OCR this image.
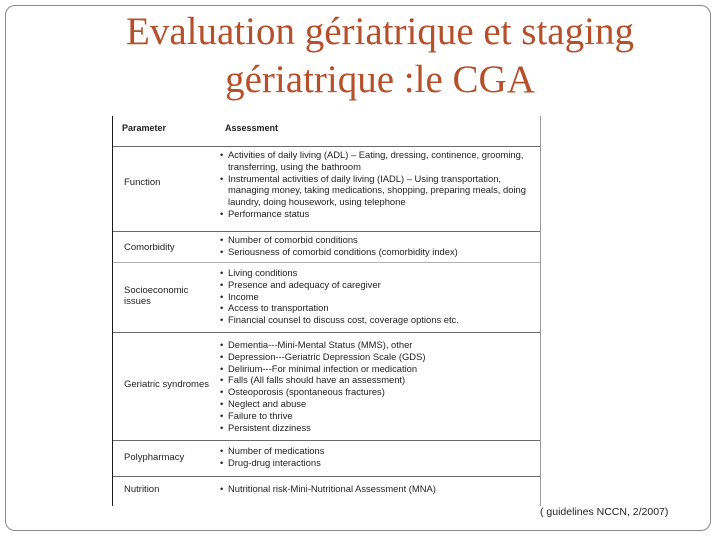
Evaluation gériatrique et staging
gériatrique :le CGA
Parameter	Assessment
Function
• Activities of daily living (ADL) – Eating, dressing, continence, grooming, transferring, using the bathroom
• Instrumental activities of daily living (IADL) – Using transportation, managing money, taking medications, shopping, preparing meals, doing laundry, doing housework, using telephone
• Performance status
Comorbidity
• Number of comorbid conditions
• Seriousness of comorbid conditions (comorbidity index)
Socioeconomic issues
• Living conditions
• Presence and adequacy of caregiver
• Income
• Access to transportation
• Financial counsel to discuss cost, coverage options etc.
Geriatric syndromes
• Dementia---Mini-Mental Status (MMS), other
• Depression---Geriatric Depression Scale (GDS)
• Delirium---For minimal infection or medication
• Falls (All falls should have an assessment)
• Osteoporosis (spontaneous fractures)
• Neglect and abuse
• Failure to thrive
• Persistent dizziness
Polypharmacy
• Number of medications
• Drug-drug interactions
Nutrition
•	Nutritional risk-Mini-Nutritional Assessment (MNA)
( guidelines NCCN, 2/2007)
